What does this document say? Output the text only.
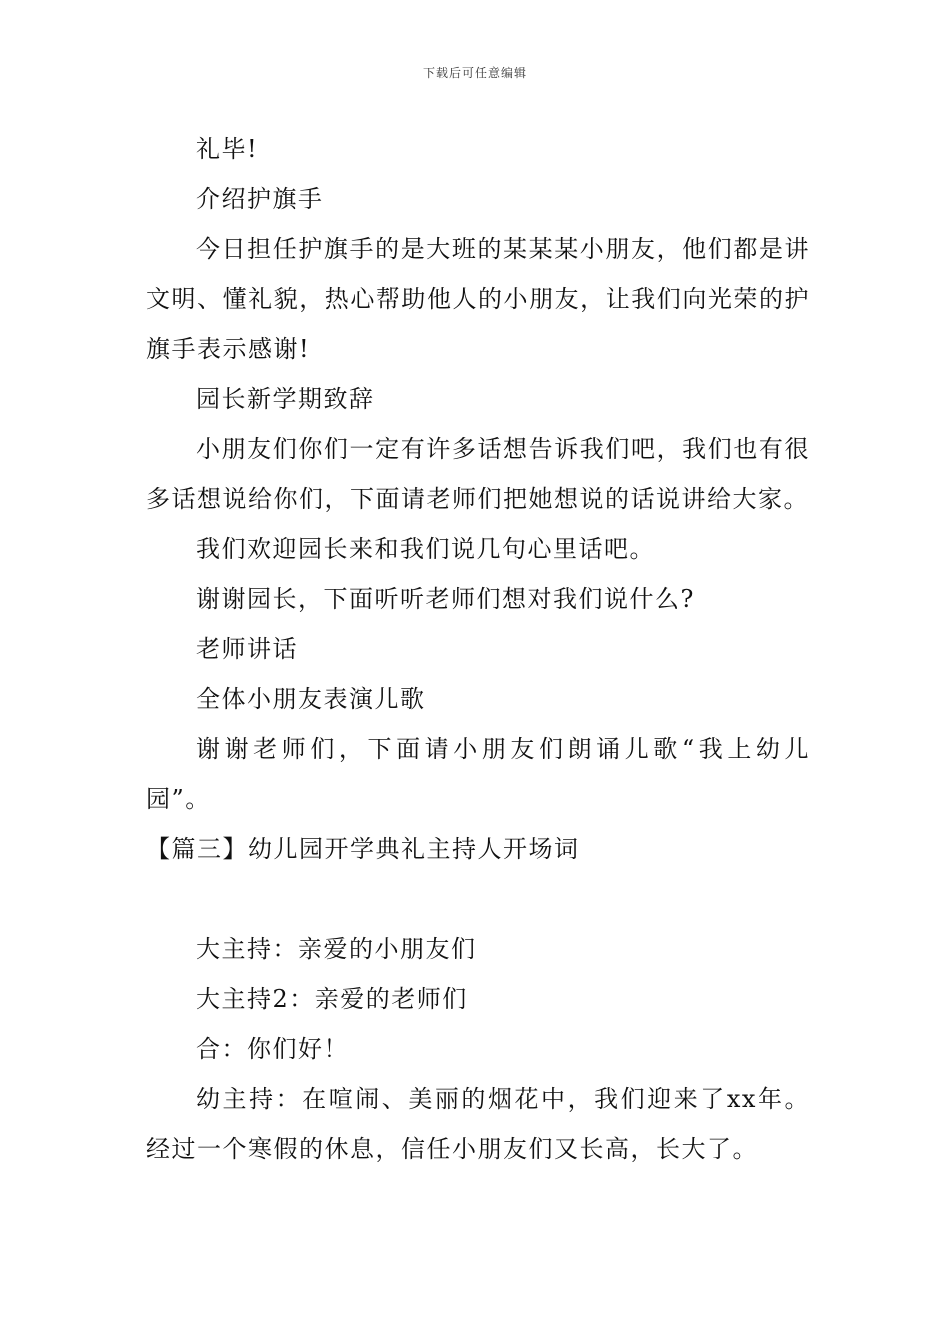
下载后可任意编辑

礼毕!

介绍护旗手

今日担任护旗手的是大班的某某某小朋友，他们都是讲文明、懂礼貌，热心帮助他人的小朋友，让我们向光荣的护旗手表示感谢!

园长新学期致辞

小朋友们你们一定有许多话想告诉我们吧，我们也有很多话想说给你们，下面请老师们把她想说的话说讲给大家。

我们欢迎园长来和我们说几句心里话吧。

谢谢园长，下面听听老师们想对我们说什么?

老师讲话

全体小朋友表演儿歌

谢谢老师们，下面请小朋友们朗诵儿歌“我上幼儿园”。

【篇三】幼儿园开学典礼主持人开场词

大主持：亲爱的小朋友们

大主持2：亲爱的老师们

合：你们好！

幼主持：在喧闹、美丽的烟花中，我们迎来了xx年。经过一个寒假的休息，信任小朋友们又长高，长大了。
